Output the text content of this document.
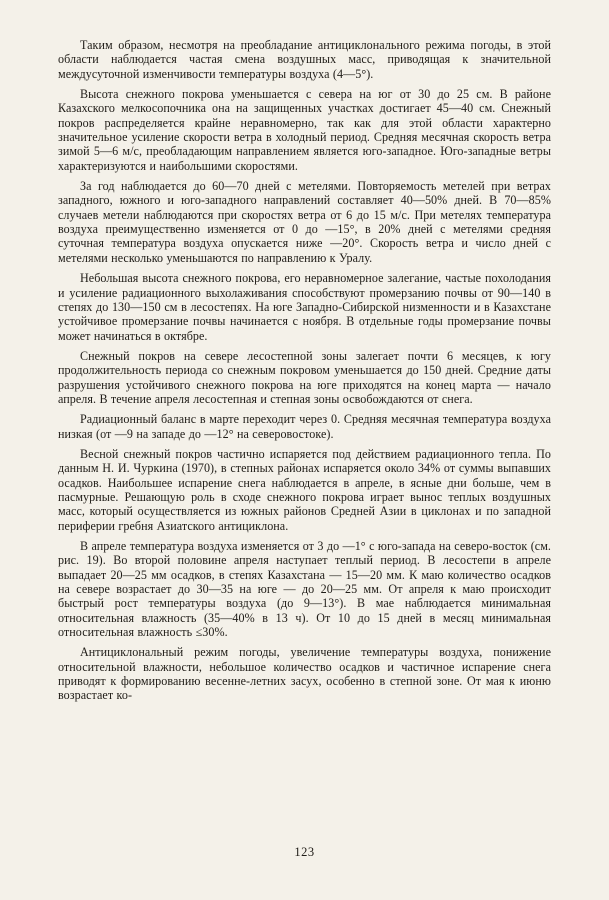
Таким образом, несмотря на преобладание антициклонального режима погоды, в этой области наблюдается частая смена воздушных масс, приводящая к значительной междусуточной изменчивости температуры воздуха (4—5°).

Высота снежного покрова уменьшается с севера на юг от 30 до 25 см. В районе Казахского мелкосопочника она на защищенных участках достигает 45—40 см. Снежный покров распределяется крайне неравномерно, так как для этой области характерно значительное усиление скорости ветра в холодный период. Средняя месячная скорость ветра зимой 5—6 м/с, преобладающим направлением является юго-западное. Юго-западные ветры характеризуются и наибольшими скоростями.

За год наблюдается до 60—70 дней с метелями. Повторяемость метелей при ветрах западного, южного и юго-западного направлений составляет 40—50% дней. В 70—85% случаев метели наблюдаются при скоростях ветра от 6 до 15 м/с. При метелях температура воздуха преимущественно изменяется от 0 до —15°, в 20% дней с метелями средняя суточная температура воздуха опускается ниже —20°. Скорость ветра и число дней с метелями несколько уменьшаются по направлению к Уралу.

Небольшая высота снежного покрова, его неравномерное залегание, частые похолодания и усиление радиационного выхолаживания способствуют промерзанию почвы от 90—140 в степях до 130—150 см в лесостепях. На юге Западно-Сибирской низменности и в Казахстане устойчивое промерзание почвы начинается с ноября. В отдельные годы промерзание почвы может начинаться в октябре.

Снежный покров на севере лесостепной зоны залегает почти 6 месяцев, к югу продолжительность периода со снежным покровом уменьшается до 150 дней. Средние даты разрушения устойчивого снежного покрова на юге приходятся на конец марта — начало апреля. В течение апреля лесостепная и степная зоны освобождаются от снега.

Радиационный баланс в марте переходит через 0. Средняя месячная температура воздуха низкая (от —9 на западе до —12° на северовостоке).

Весной снежный покров частично испаряется под действием радиационного тепла. По данным Н. И. Чуркина (1970), в степных районах испаряется около 34% от суммы выпавших осадков. Наибольшее испарение снега наблюдается в апреле, в ясные дни больше, чем в пасмурные. Решающую роль в сходе снежного покрова играет вынос теплых воздушных масс, который осуществляется из южных районов Средней Азии в циклонах и по западной периферии гребня Азиатского антициклона.

В апреле температура воздуха изменяется от 3 до —1° с юго-запада на северо-восток (см. рис. 19). Во второй половине апреля наступает теплый период. В лесостепи в апреле выпадает 20—25 мм осадков, в степях Казахстана — 15—20 мм. К маю количество осадков на севере возрастает до 30—35 на юге — до 20—25 мм. От апреля к маю происходит быстрый рост температуры воздуха (до 9—13°). В мае наблюдается минимальная относительная влажность (35—40% в 13 ч). От 10 до 15 дней в месяц минимальная относительная влажность ≤30%.

Антициклональный режим погоды, увеличение температуры воздуха, понижение относительной влажности, небольшое количество осадков и частичное испарение снега приводят к формированию весенне-летних засух, особенно в степной зоне. От мая к июню возрастает ко-

123
